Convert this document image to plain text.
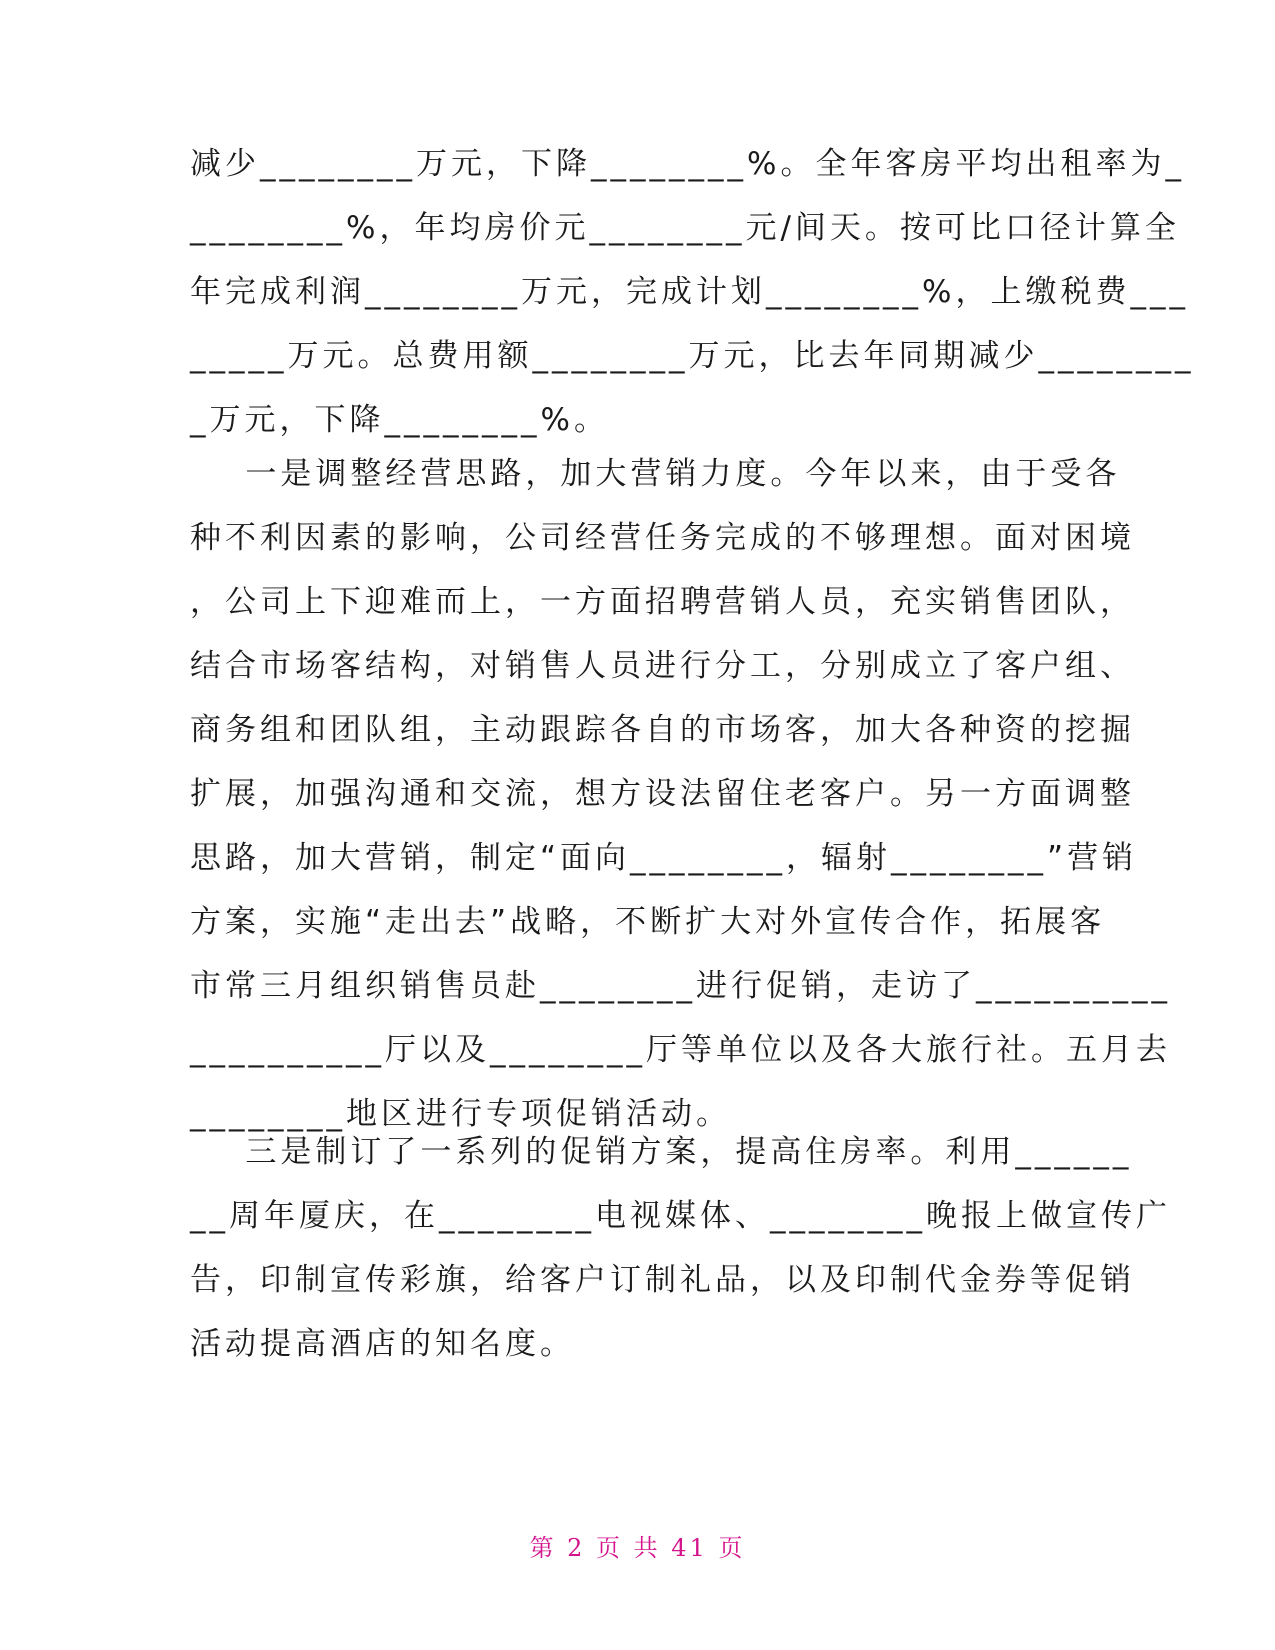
减少________万元，下降________%。全年客房平均出租率为_
________%，年均房价元________元/间天。按可比口径计算全
年完成利润________万元，完成计划________%，上缴税费___
_____万元。总费用额________万元，比去年同期减少________
_万元，下降________%。
一是调整经营思路，加大营销力度。今年以来，由于受各
种不利因素的影响，公司经营任务完成的不够理想。面对困境
，公司上下迎难而上，一方面招聘营销人员，充实销售团队，
结合市场客结构，对销售人员进行分工，分别成立了客户组、
商务组和团队组，主动跟踪各自的市场客，加大各种资的挖掘
扩展，加强沟通和交流，想方设法留住老客户。另一方面调整
思路，加大营销，制定“面向________，辐射________”营销
方案，实施“走出去”战略，不断扩大对外宣传合作，拓展客
市常三月组织销售员赴________进行促销，走访了__________
__________厅以及________厅等单位以及各大旅行社。五月去
________地区进行专项促销活动。
三是制订了一系列的促销方案，提高住房率。利用______
__周年厦庆，在________电视媒体、________晚报上做宣传广
告，印制宣传彩旗，给客户订制礼品，以及印制代金券等促销
活动提高酒店的知名度。
第 2 页 共 41 页
